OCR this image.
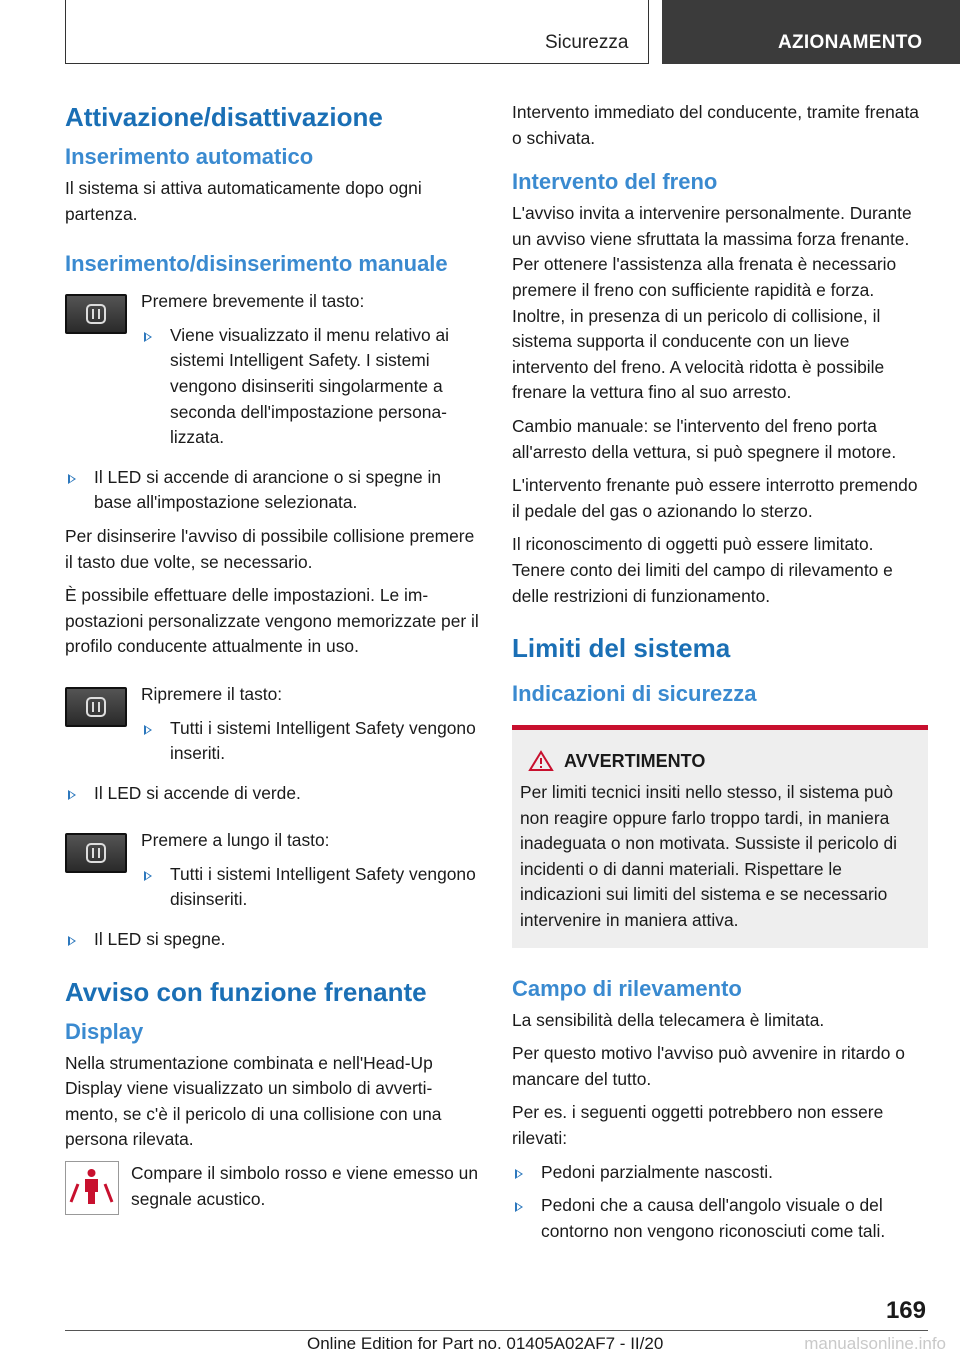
Sicurezza	AZIONAMENTO
Attivazione/disattivazione
Inserimento automatico

Il sistema si attiva automaticamente dopo ogni partenza.

Inserimento/disinserimento manuale

Premere brevemente il tasto:

Viene visualizzato il menu relativo ai sistemi Intelligent Safety. I sistemi vengono disinseriti singolarmente a seconda dell'impostazione personalizzata.
Il LED si accende di arancione o si spegne in base all'impostazione selezionata.

Per disinserire l'avviso di possibile collisione premere il tasto due volte, se necessario.

È possibile effettuare delle impostazioni. Le impostazioni personalizzate vengono memorizzate per il profilo conducente attualmente in uso.

Ripremere il tasto:

Tutti i sistemi Intelligent Safety vengono inseriti.
Il LED si accende di verde.

Premere a lungo il tasto:

Tutti i sistemi Intelligent Safety vengono disinseriti.
Il LED si spegne.
Avviso con funzione frenante
Display

Nella strumentazione combinata e nell'Head-Up Display viene visualizzato un simbolo di avvertimento, se c'è il pericolo di una collisione con una persona rilevata.

Compare il simbolo rosso e viene emesso un segnale acustico.

Intervento immediato del conducente, tramite frenata o schivata.

Intervento del freno

L'avviso invita a intervenire personalmente. Durante un avviso viene sfruttata la massima forza frenante. Per ottenere l'assistenza alla frenata è necessario premere il freno con sufficiente rapidità e forza. Inoltre, in presenza di un pericolo di collisione, il sistema supporta il conducente con un lieve intervento del freno. A velocità ridotta è possibile frenare la vettura fino al suo arresto.

Cambio manuale: se l'intervento del freno porta all'arresto della vettura, si può spegnere il motore.

L'intervento frenante può essere interrotto premendo il pedale del gas o azionando lo sterzo.

Il riconoscimento di oggetti può essere limitato. Tenere conto dei limiti del campo di rilevamento e delle restrizioni di funzionamento.

Limiti del sistema
Indicazioni di sicurezza
AVVERTIMENTO

Per limiti tecnici insiti nello stesso, il sistema può non reagire oppure farlo troppo tardi, in maniera inadeguata o non motivata. Sussiste il pericolo di incidenti o di danni materiali. Rispettare le indicazioni sui limiti del sistema e se necessario intervenire in maniera attiva.

Campo di rilevamento

La sensibilità della telecamera è limitata.

Per questo motivo l'avviso può avvenire in ritardo o mancare del tutto.

Per es. i seguenti oggetti potrebbero non essere rilevati:

Pedoni parzialmente nascosti.
Pedoni che a causa dell'angolo visuale o del contorno non vengono riconosciuti come tali.
169
Online Edition for Part no. 01405A02AF7 - II/20	manualsonline.info
